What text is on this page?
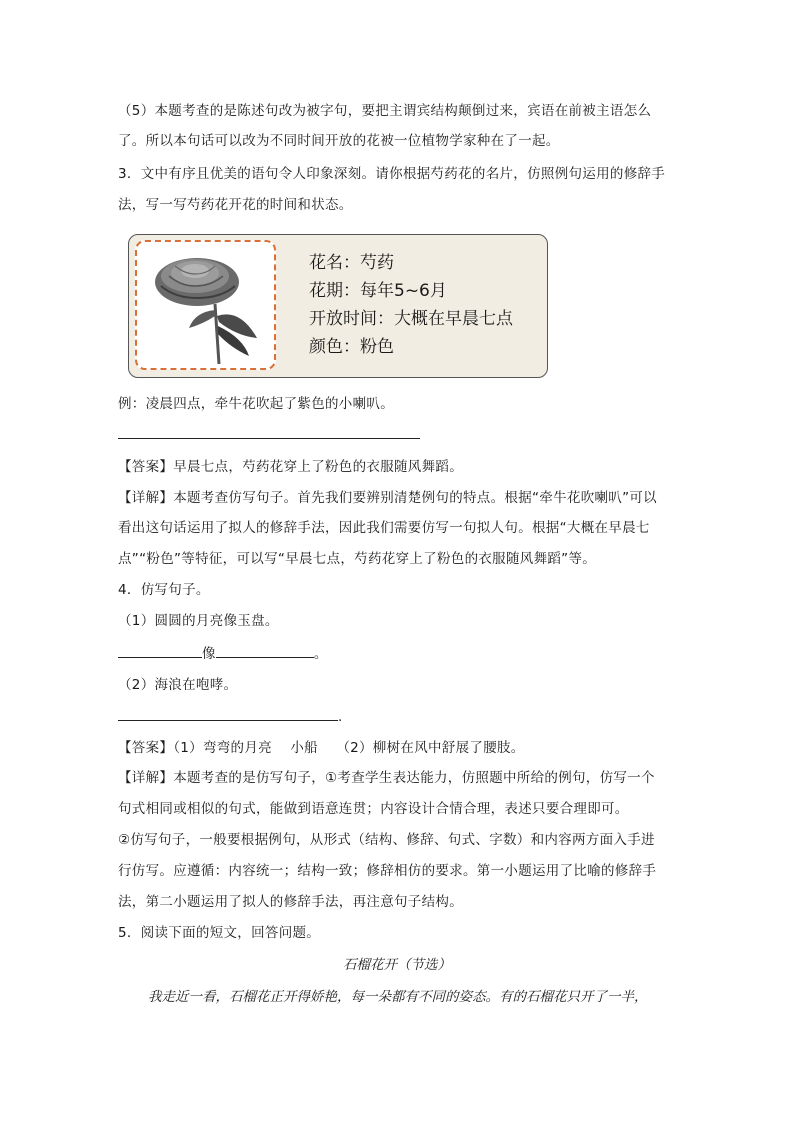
（5）本题考查的是陈述句改为被字句，要把主谓宾结构颠倒过来，宾语在前被主语怎么
了。所以本句话可以改为不同时间开放的花被一位植物学家种在了一起。
3．文中有序且优美的语句令人印象深刻。请你根据芍药花的名片，仿照例句运用的修辞手
法，写一写芍药花开花的时间和状态。
花名：芍药
花期：每年5~6月
开放时间：大概在早晨七点
颜色：粉色
例：凌晨四点，牵牛花吹起了紫色的小喇叭。
【答案】早晨七点，芍药花穿上了粉色的衣服随风舞蹈。
【详解】本题考查仿写句子。首先我们要辨别清楚例句的特点。根据“牵牛花吹喇叭”可以
看出这句话运用了拟人的修辞手法，因此我们需要仿写一句拟人句。根据“大概在早晨七
点”“粉色”等特征，可以写“早晨七点，芍药花穿上了粉色的衣服随风舞蹈”等。
4．仿写句子。
（1）圆圆的月亮像玉盘。
像	。
（2）海浪在咆哮。
.
【答案】（1）弯弯的月亮　 小船　 （2）柳树在风中舒展了腰肢。
【详解】本题考查的是仿写句子，①考查学生表达能力，仿照题中所给的例句，仿写一个
句式相同或相似的句式，能做到语意连贯；内容设计合情合理，表述只要合理即可。
②仿写句子，一般要根据例句，从形式（结构、修辞、句式、字数）和内容两方面入手进
行仿写。应遵循：内容统一；结构一致；修辞相仿的要求。第一小题运用了比喻的修辞手
法，第二小题运用了拟人的修辞手法，再注意句子结构。
5．阅读下面的短文，回答问题。
石榴花开（节选）
我走近一看，石榴花正开得娇艳，每一朵都有不同的姿态。有的石榴花只开了一半，
